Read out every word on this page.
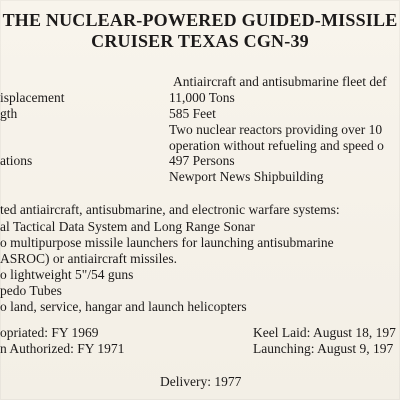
THE NUCLEAR-POWERED GUIDED-MISSILE
CRUISER TEXAS CGN-39
isplacement
gth
ations
Antiaircraft and antisubmarine fleet def
11,000 Tons
585 Feet
Two nuclear reactors providing over 10
operation without refueling and speed o
497 Persons
Newport News Shipbuilding
ted antiaircraft, antisubmarine, and electronic warfare systems:
al Tactical Data System and Long Range Sonar
o multipurpose missile launchers for launching antisubmarine
ASROC) or antiaircraft missiles.
o lightweight 5"/54 guns
pedo Tubes
o land, service, hangar and launch helicopters
opriated: FY 1969
n Authorized: FY 1971
Keel Laid: August 18, 197
Launching: August 9, 197
Delivery: 1977
